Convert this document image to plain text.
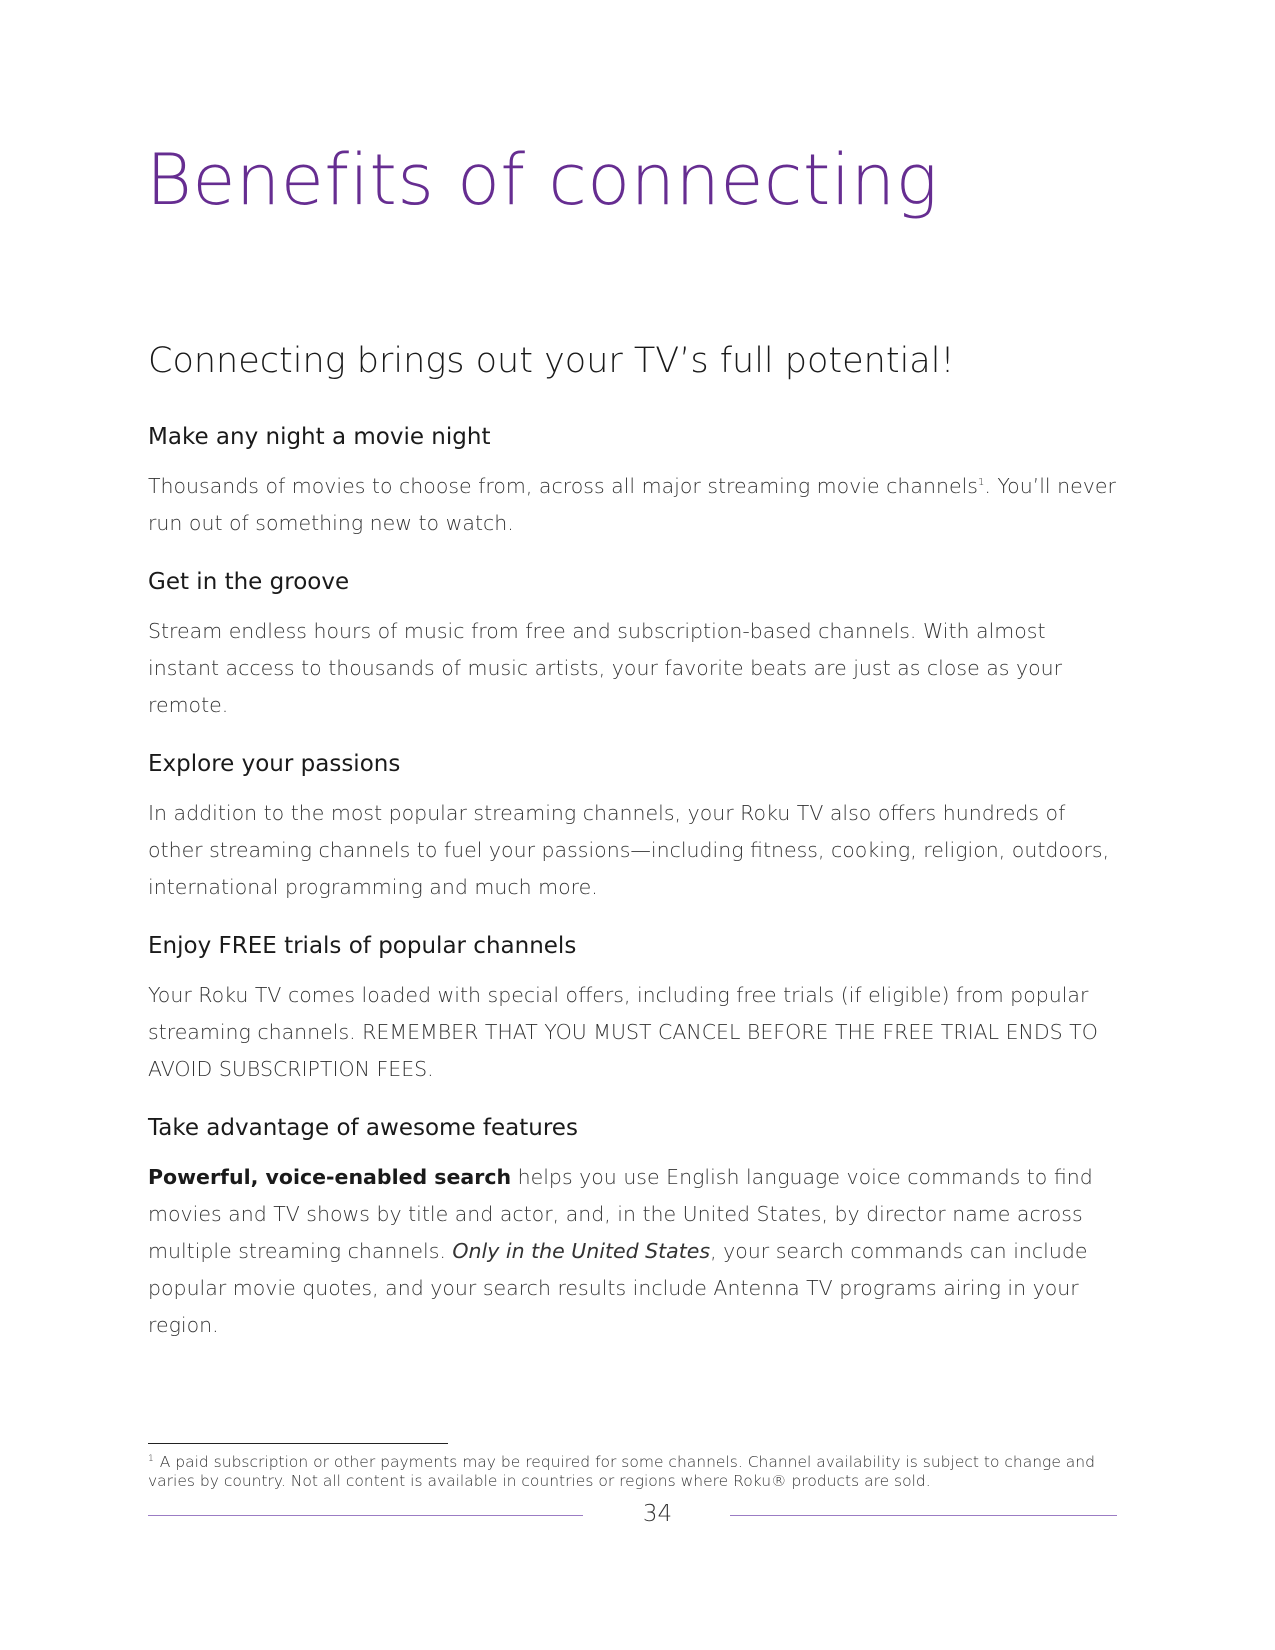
Benefits of connecting
Connecting brings out your TV’s full potential!
Make any night a movie night

Thousands of movies to choose from, across all major streaming movie channels$^1$. You’ll never run out of something new to watch.

Get in the groove

Stream endless hours of music from free and subscription-based channels. With almost instant access to thousands of music artists, your favorite beats are just as close as your remote.

Explore your passions

In addition to the most popular streaming channels, your Roku TV also offers hundreds of other streaming channels to fuel your passions—including fitness, cooking, religion, outdoors, international programming and much more.

Enjoy FREE trials of popular channels

Your Roku TV comes loaded with special offers, including free trials (if eligible) from popular streaming channels. REMEMBER THAT YOU MUST CANCEL BEFORE THE FREE TRIAL ENDS TO AVOID SUBSCRIPTION FEES.

Take advantage of awesome features

Powerful, voice-enabled search helps you use English language voice commands to find movies and TV shows by title and actor, and, in the United States, by director name across multiple streaming channels. Only in the United States, your search commands can include popular movie quotes, and your search results include Antenna TV programs airing in your region.

$^1$ A paid subscription or other payments may be required for some channels. Channel availability is subject to change and varies by country. Not all content is available in countries or regions where Roku® products are sold.

34
